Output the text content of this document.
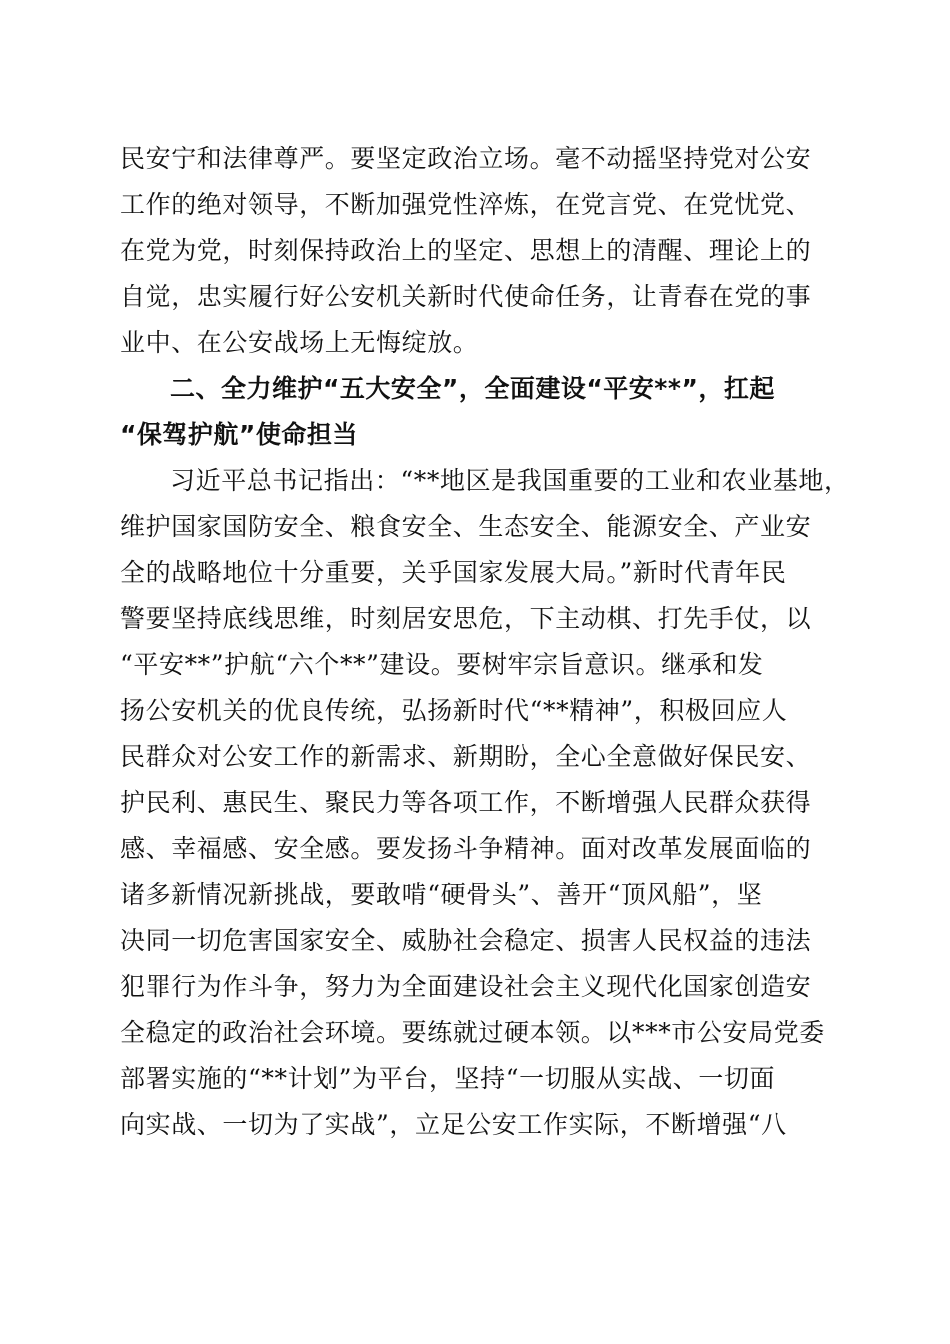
民安宁和法律尊严。要坚定政治立场。毫不动摇坚持党对公安
工作的绝对领导，不断加强党性淬炼，在党言党、在党忧党、
在党为党，时刻保持政治上的坚定、思想上的清醒、理论上的
自觉，忠实履行好公安机关新时代使命任务，让青春在党的事
业中、在公安战场上无悔绽放。
二、全力维护“五大安全”，全面建设“平安**”，扛起
“保驾护航”使命担当
习近平总书记指出：“**地区是我国重要的工业和农业基地，
维护国家国防安全、粮食安全、生态安全、能源安全、产业安
全的战略地位十分重要，关乎国家发展大局。”新时代青年民
警要坚持底线思维，时刻居安思危，下主动棋、打先手仗，以
“平安**”护航“六个**”建设。要树牢宗旨意识。继承和发
扬公安机关的优良传统，弘扬新时代“**精神”，积极回应人
民群众对公安工作的新需求、新期盼，全心全意做好保民安、
护民利、惠民生、聚民力等各项工作，不断增强人民群众获得
感、幸福感、安全感。要发扬斗争精神。面对改革发展面临的
诸多新情况新挑战，要敢啃“硬骨头”、善开“顶风船”，坚
决同一切危害国家安全、威胁社会稳定、损害人民权益的违法
犯罪行为作斗争，努力为全面建设社会主义现代化国家创造安
全稳定的政治社会环境。要练就过硬本领。以***市公安局党委
部署实施的“**计划”为平台，坚持“一切服从实战、一切面
向实战、一切为了实战”，立足公安工作实际，不断增强“八
